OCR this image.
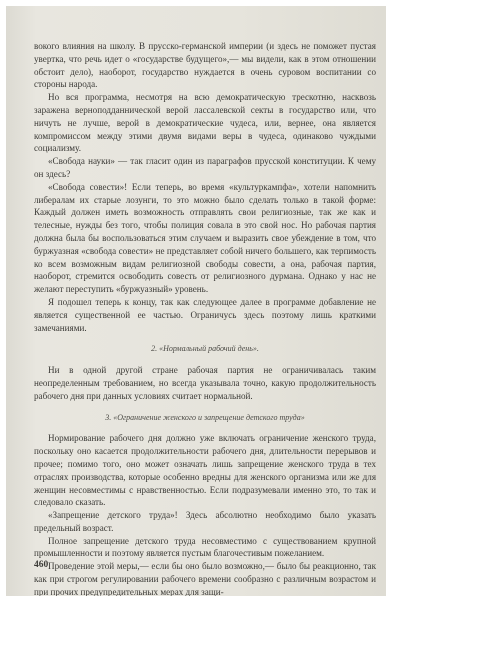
вокого влияния на школу. В прусско-германской империи (и здесь не поможет пустая увертка, что речь идет о «государстве будущего»,— мы видели, как в этом отношении обстоит дело), наоборот, государство нуждается в очень суровом воспитании со стороны народа.

Но вся программа, несмотря на всю демократическую трескотню, насквозь заражена верноподданнической верой лассалевской секты в государство или, что ничуть не лучше, верой в демократические чудеса, или, вернее, она является компромиссом между этими двумя видами веры в чудеса, одинаково чуждыми социализму.

«Свобода науки» — так гласит один из параграфов прусской конституции. К чему он здесь?

«Свобода совести»! Если теперь, во время «культуркампфа», хотели напомнить либералам их старые лозунги, то это можно было сделать только в такой форме: Каждый должен иметь возможность отправлять свои религиозные, так же как и телесные, нужды без того, чтобы полиция совала в это свой нос. Но рабочая партия должна была бы воспользоваться этим случаем и выразить свое убеждение в том, что буржуазная «свобода совести» не представляет собой ничего большего, как терпимость ко всем возможным видам религиозной свободы совести, а она, рабочая партия, наоборот, стремится освободить совесть от религиозного дурмана. Однако у нас не желают переступить «буржуазный» уровень.

Я подошел теперь к концу, так как следующее далее в программе добавление не является существенной ее частью. Ограничусь здесь поэтому лишь краткими замечаниями.

2. «Нормальный рабочий день».

Ни в одной другой стране рабочая партия не ограничивалась таким неопределенным требованием, но всегда указывала точно, какую продолжительность рабочего дня при данных условиях считает нормальной.

3. «Ограничение женского и запрещение детского труда»

Нормирование рабочего дня должно уже включать ограничение женского труда, поскольку оно касается продолжительности рабочего дня, длительности перерывов и прочее; помимо того, оно может означать лишь запрещение женского труда в тех отраслях производства, которые особенно вредны для женского организма или же для женщин несовместимы с нравственностью. Если подразумевали именно это, то так и следовало сказать.

«Запрещение детского труда»! Здесь абсолютно необходимо было указать предельный возраст.

Полное запрещение детского труда несовместимо с существованием крупной промышленности и поэтому является пустым благочестивым пожеланием.

Проведение этой меры,— если бы оно было возможно,— было бы реакционно, так как при строгом регулировании рабочего времени сообразно с различным возрастом и при прочих предупредительных мерах для защи-

460
